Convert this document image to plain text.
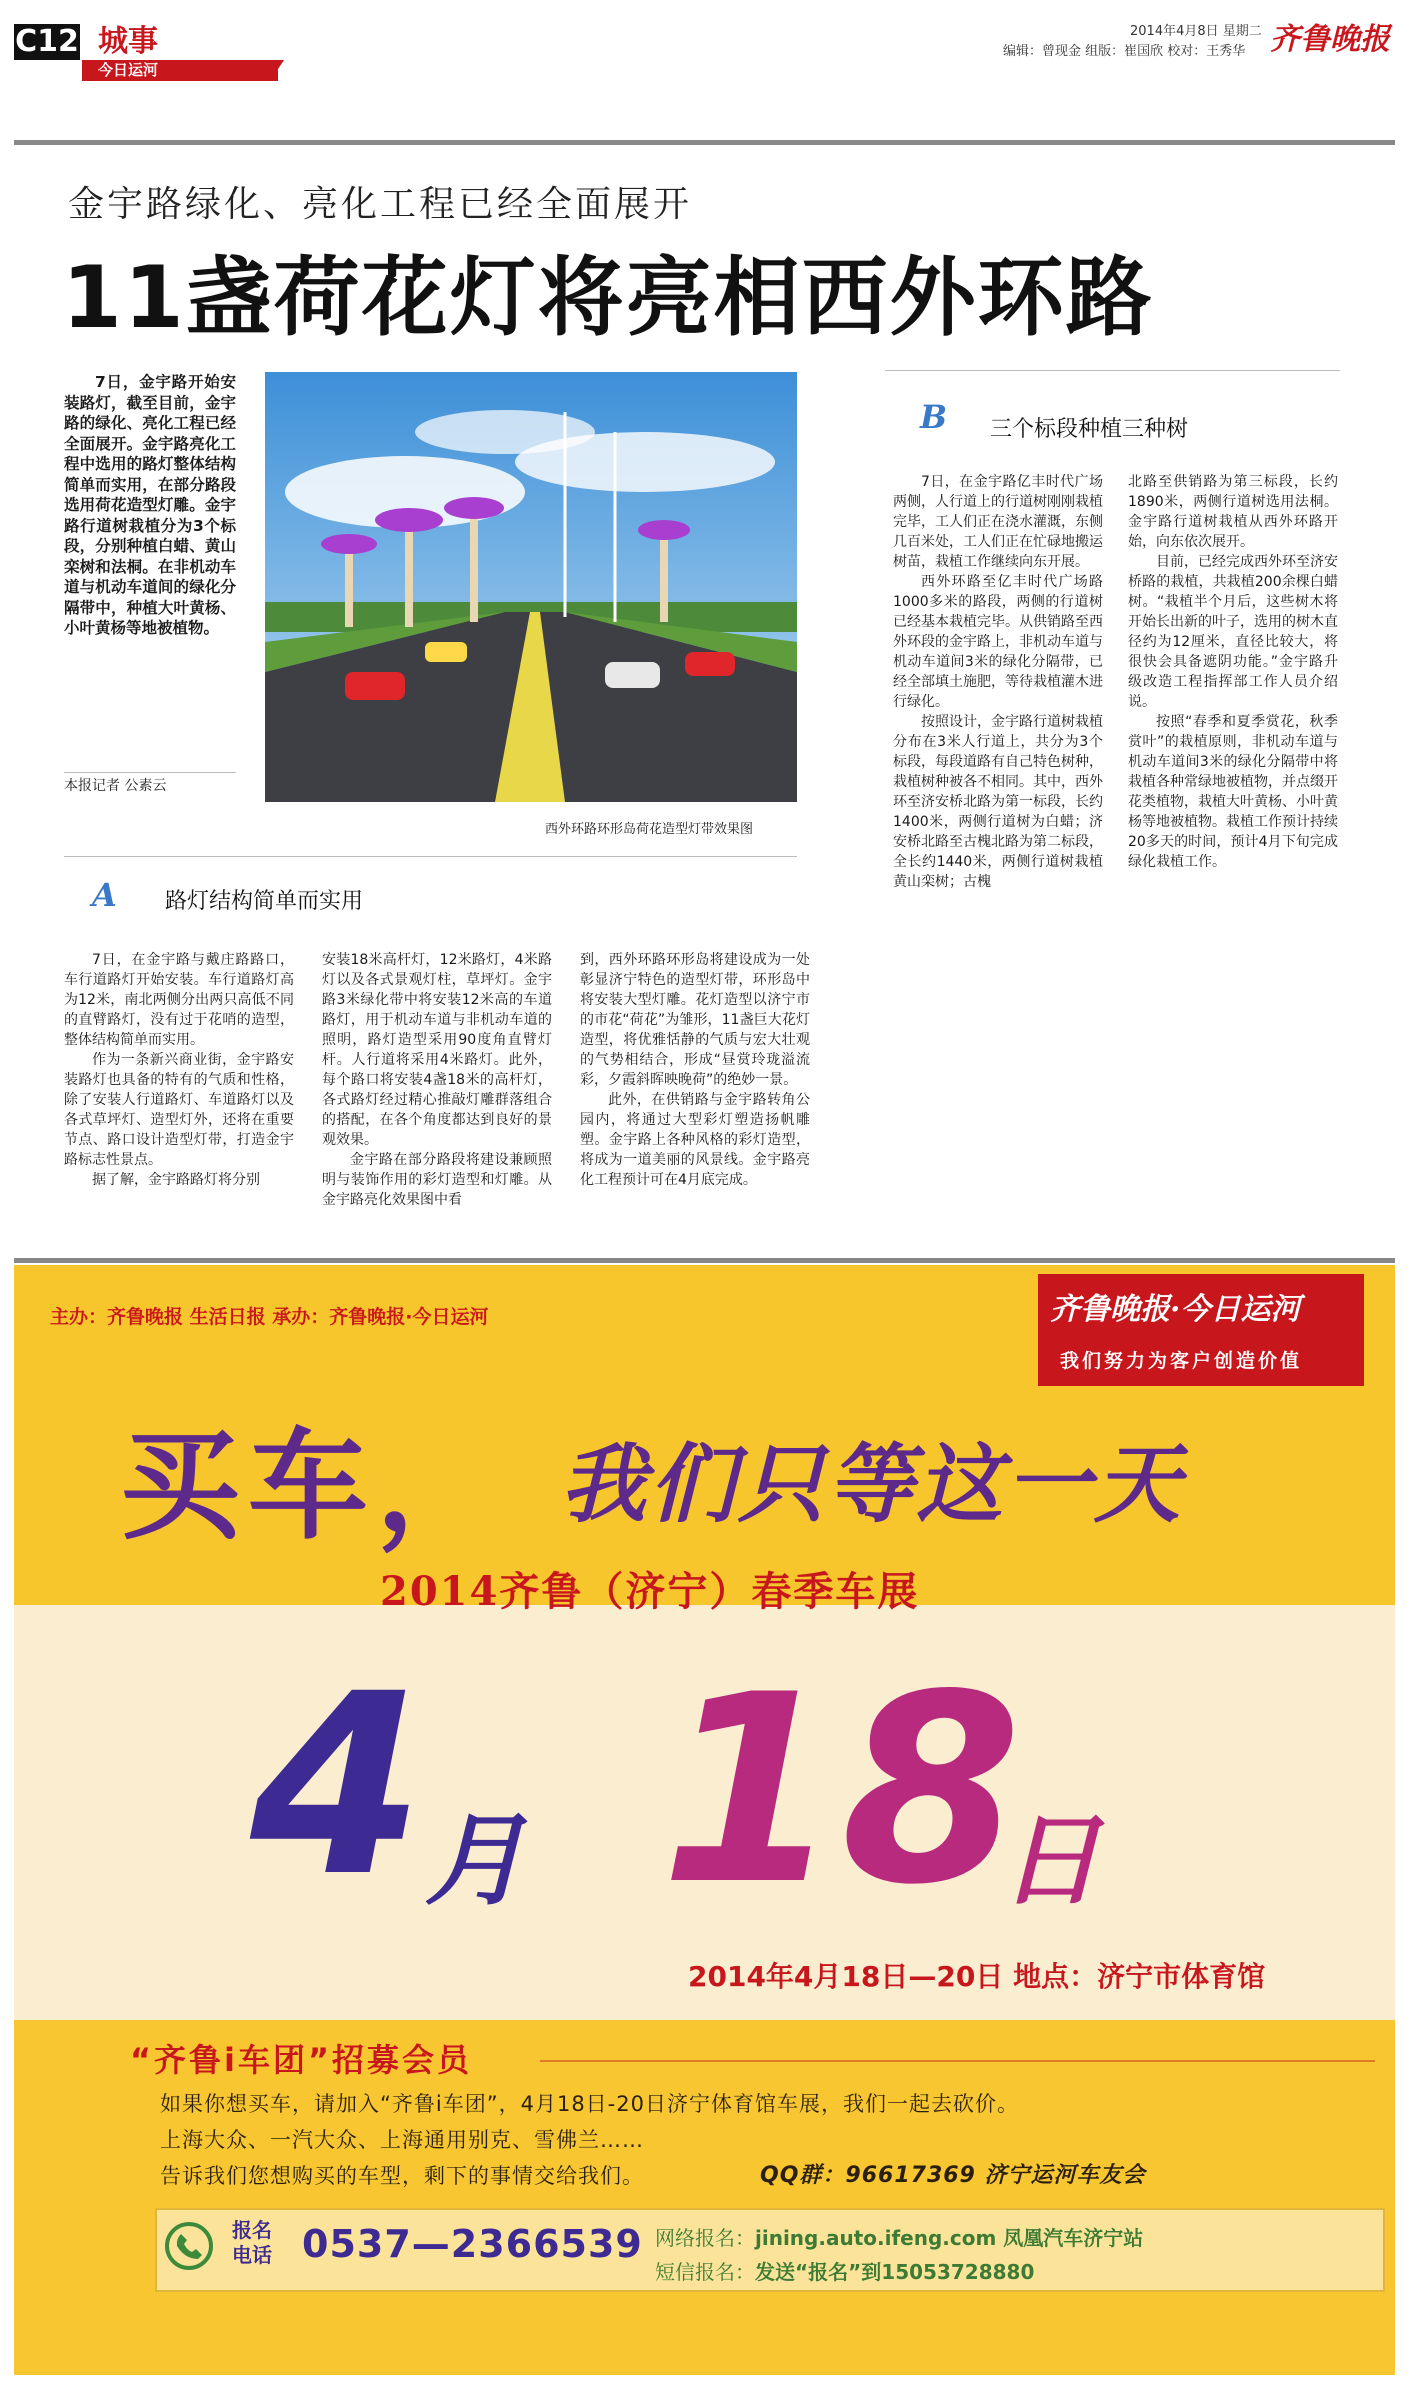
C12 城事
今日运河
2014年4月8日 星期二
编辑：曾现金 组版：崔国欣 校对：王秀华 齐鲁晚报
金宇路绿化、亮化工程已经全面展开
11盏荷花灯将亮相西外环路

7日，金宇路开始安装路灯，截至目前，金宇路的绿化、亮化工程已经全面展开。金宇路亮化工程中选用的路灯整体结构简单而实用，在部分路段选用荷花造型灯雕。金宇路行道树栽植分为3个标段，分别种植白蜡、黄山栾树和法桐。在非机动车道与机动车道间的绿化分隔带中，种植大叶黄杨、小叶黄杨等地被植物。

本报记者 公素云
西外环路环形岛荷花造型灯带效果图
A 路灯结构简单而实用

7日，在金宇路与戴庄路路口，车行道路灯开始安装。车行道路灯高为12米，南北两侧分出两只高低不同的直臂路灯，没有过于花哨的造型，整体结构简单而实用。

作为一条新兴商业街，金宇路安装路灯也具备的特有的气质和性格，除了安装人行道路灯、车道路灯以及各式草坪灯、造型灯外，还将在重要节点、路口设计造型灯带，打造金宇路标志性景点。

据了解，金宇路路灯将分别

安装18米高杆灯，12米路灯，4米路灯以及各式景观灯柱，草坪灯。金宇路3米绿化带中将安装12米高的车道路灯，用于机动车道与非机动车道的照明，路灯造型采用90度角直臂灯杆。人行道将采用4米路灯。此外，每个路口将安装4盏18米的高杆灯，各式路灯经过精心推敲灯雕群落组合的搭配，在各个角度都达到良好的景观效果。

金宇路在部分路段将建设兼顾照明与装饰作用的彩灯造型和灯雕。从金宇路亮化效果图中看

到，西外环路环形岛将建设成为一处彰显济宁特色的造型灯带，环形岛中将安装大型灯雕。花灯造型以济宁市的市花“荷花”为雏形，11盏巨大花灯造型，将优雅恬静的气质与宏大壮观的气势相结合，形成“昼赏玲珑溢流彩，夕霞斜晖映晚荷”的绝妙一景。

此外，在供销路与金宇路转角公园内，将通过大型彩灯塑造扬帆雕塑。金宇路上各种风格的彩灯造型，将成为一道美丽的风景线。金宇路亮化工程预计可在4月底完成。

B 三个标段种植三种树

7日，在金宇路亿丰时代广场两侧，人行道上的行道树刚刚栽植完毕，工人们正在浇水灌溉，东侧几百米处，工人们正在忙碌地搬运树苗，栽植工作继续向东开展。

西外环路至亿丰时代广场路1000多米的路段，两侧的行道树已经基本栽植完毕。从供销路至西外环段的金宇路上，非机动车道与机动车道间3米的绿化分隔带，已经全部填土施肥，等待栽植灌木进行绿化。

按照设计，金宇路行道树栽植分布在3米人行道上，共分为3个标段，每段道路有自己特色树种，栽植树种被各不相同。其中，西外环至济安桥北路为第一标段，长约1400米，两侧行道树为白蜡；济安桥北路至古槐北路为第二标段，全长约1440米，两侧行道树栽植黄山栾树；古槐

北路至供销路为第三标段，长约1890米，两侧行道树选用法桐。金宇路行道树栽植从西外环路开始，向东依次展开。

目前，已经完成西外环至济安桥路的栽植，共栽植200余棵白蜡树。“栽植半个月后，这些树木将开始长出新的叶子，选用的树木直径约为12厘米，直径比较大，将很快会具备遮阴功能。”金宇路升级改造工程指挥部工作人员介绍说。

按照“春季和夏季赏花，秋季赏叶”的栽植原则，非机动车道与机动车道间3米的绿化分隔带中将栽植各种常绿地被植物，并点缀开花类植物，栽植大叶黄杨、小叶黄杨等地被植物。栽植工作预计持续20多天的时间，预计4月下旬完成绿化栽植工作。

主办：齐鲁晚报 生活日报 承办：齐鲁晚报·今日运河	齐鲁晚报·今日运河
我们努力为客户创造价值
买车， 我们只等这一天
2014齐鲁（济宁）春季车展
4 月 18
日
2014年4月18日—20日 地点：济宁市体育馆
“齐鲁i车团”招募会员
如果你想买车，请加入“齐鲁i车团”，4月18日-20日济宁体育馆车展，我们一起去砍价。
上海大众、一汽大众、上海通用别克、雪佛兰……
告诉我们您想购买的车型，剩下的事情交给我们。	QQ群：96617369 济宁运河车友会
报名电话 0537—2366539 网络报名：jining.auto.ifeng.com 凤凰汽车济宁站
短信报名：发送“报名”到15053728880
